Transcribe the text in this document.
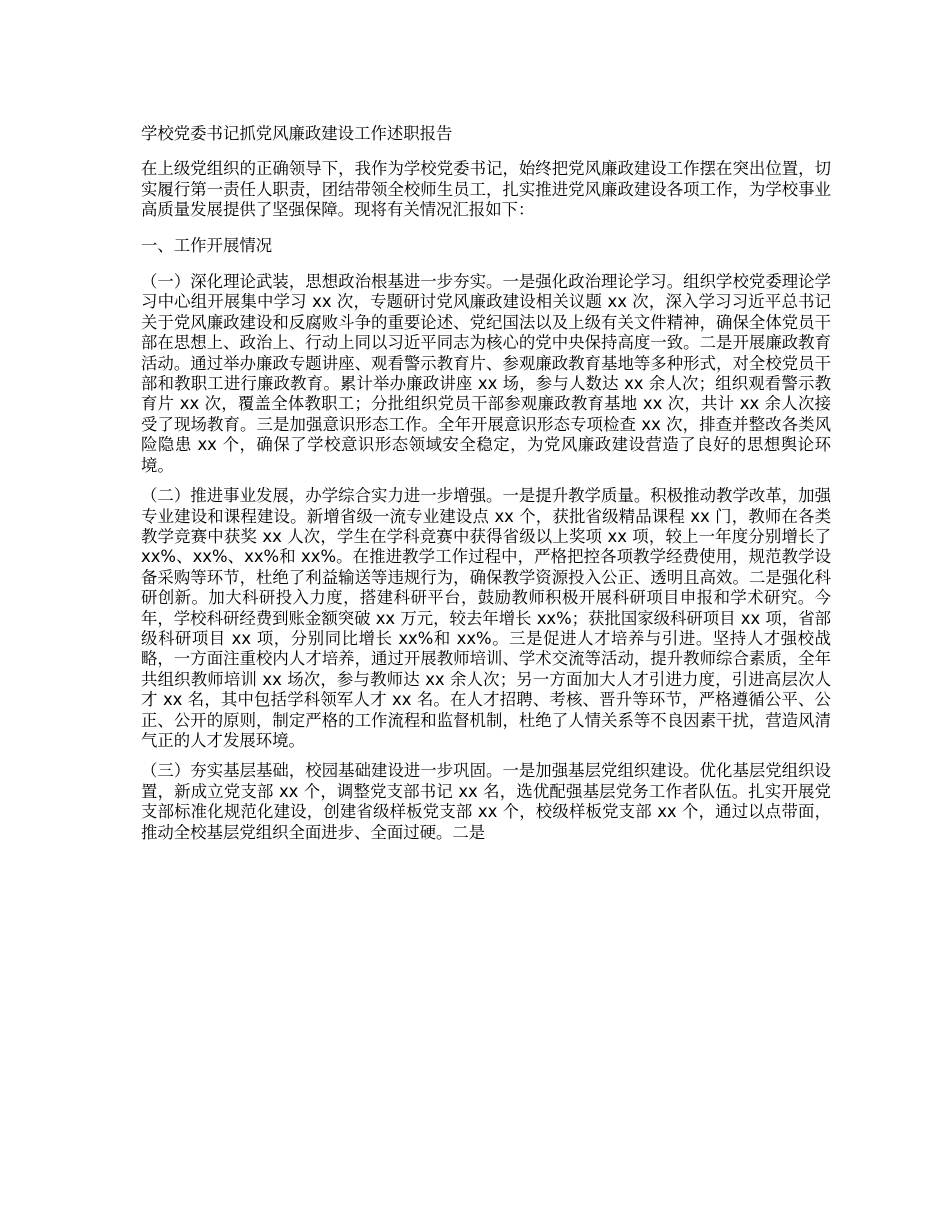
学校党委书记抓党风廉政建设工作述职报告

在上级党组织的正确领导下，我作为学校党委书记，始终把党风廉政建设工作摆在突出位置，切实履行第一责任人职责，团结带领全校师生员工，扎实推进党风廉政建设各项工作，为学校事业高质量发展提供了坚强保障。现将有关情况汇报如下：

一、工作开展情况

（一）深化理论武装，思想政治根基进一步夯实。一是强化政治理论学习。组织学校党委理论学习中心组开展集中学习 xx 次，专题研讨党风廉政建设相关议题 xx 次，深入学习习近平总书记关于党风廉政建设和反腐败斗争的重要论述、党纪国法以及上级有关文件精神，确保全体党员干部在思想上、政治上、行动上同以习近平同志为核心的党中央保持高度一致。二是开展廉政教育活动。通过举办廉政专题讲座、观看警示教育片、参观廉政教育基地等多种形式，对全校党员干部和教职工进行廉政教育。累计举办廉政讲座 xx 场，参与人数达 xx 余人次；组织观看警示教育片 xx 次，覆盖全体教职工；分批组织党员干部参观廉政教育基地 xx 次，共计 xx 余人次接受了现场教育。三是加强意识形态工作。全年开展意识形态专项检查 xx 次，排查并整改各类风险隐患 xx 个，确保了学校意识形态领域安全稳定，为党风廉政建设营造了良好的思想舆论环境。

（二）推进事业发展，办学综合实力进一步增强。一是提升教学质量。积极推动教学改革，加强专业建设和课程建设。新增省级一流专业建设点 xx 个，获批省级精品课程 xx 门，教师在各类教学竞赛中获奖 xx 人次，学生在学科竞赛中获得省级以上奖项 xx 项，较上一年度分别增长了 xx%、xx%、xx%和 xx%。在推进教学工作过程中，严格把控各项教学经费使用，规范教学设备采购等环节，杜绝了利益输送等违规行为，确保教学资源投入公正、透明且高效。二是强化科研创新。加大科研投入力度，搭建科研平台，鼓励教师积极开展科研项目申报和学术研究。今年，学校科研经费到账金额突破 xx 万元，较去年增长 xx%；获批国家级科研项目 xx 项，省部级科研项目 xx 项，分别同比增长 xx%和 xx%。三是促进人才培养与引进。坚持人才强校战略，一方面注重校内人才培养，通过开展教师培训、学术交流等活动，提升教师综合素质，全年共组织教师培训 xx 场次，参与教师达 xx 余人次；另一方面加大人才引进力度，引进高层次人才 xx 名，其中包括学科领军人才 xx 名。在人才招聘、考核、晋升等环节，严格遵循公平、公正、公开的原则，制定严格的工作流程和监督机制，杜绝了人情关系等不良因素干扰，营造风清气正的人才发展环境。

（三）夯实基层基础，校园基础建设进一步巩固。一是加强基层党组织建设。优化基层党组织设置，新成立党支部 xx 个，调整党支部书记 xx 名，选优配强基层党务工作者队伍。扎实开展党支部标准化规范化建设，创建省级样板党支部 xx 个，校级样板党支部 xx 个，通过以点带面，推动全校基层党组织全面进步、全面过硬。二是
